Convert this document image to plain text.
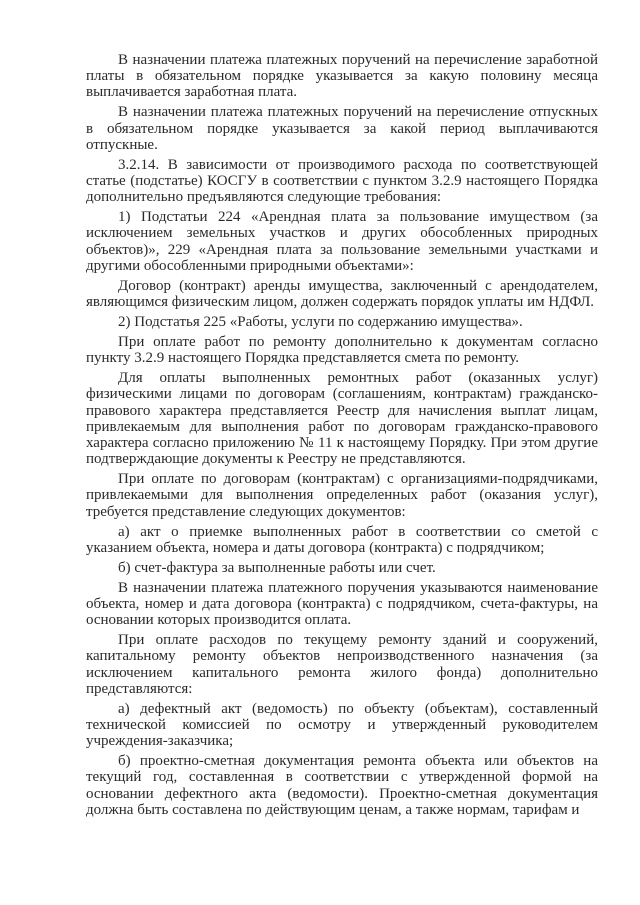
В назначении платежа платежных поручений на перечисление заработной платы в обязательном порядке указывается за какую половину месяца выплачивается заработная плата.

В назначении платежа платежных поручений на перечисление отпускных в обязательном порядке указывается за какой период выплачиваются отпускные.

3.2.14. В зависимости от производимого расхода по соответствующей статье (подстатье) КОСГУ в соответствии с пунктом 3.2.9 настоящего Порядка дополнительно предъявляются следующие требования:

1) Подстатьи 224 «Арендная плата за пользование имуществом (за исключением земельных участков и других обособленных природных объектов)», 229 «Арендная плата за пользование земельными участками и другими обособленными природными объектами»:

Договор (контракт) аренды имущества, заключенный с арендодателем, являющимся физическим лицом, должен содержать порядок уплаты им НДФЛ.

2) Подстатья 225 «Работы, услуги по содержанию имущества».

При оплате работ по ремонту дополнительно к документам согласно пункту 3.2.9 настоящего Порядка представляется смета по ремонту.

Для оплаты выполненных ремонтных работ (оказанных услуг) физическими лицами по договорам (соглашениям, контрактам) гражданско-правового характера представляется Реестр для начисления выплат лицам, привлекаемым для выполнения работ по договорам гражданско-правового характера согласно приложению № 11 к настоящему Порядку. При этом другие подтверждающие документы к Реестру не представляются.

При оплате по договорам (контрактам) с организациями-подрядчиками, привлекаемыми для выполнения определенных работ (оказания услуг), требуется представление следующих документов:

а) акт о приемке выполненных работ в соответствии со сметой с указанием объекта, номера и даты договора (контракта) с подрядчиком;

б) счет-фактура за выполненные работы или счет.

В назначении платежа платежного поручения указываются наименование объекта, номер и дата договора (контракта) с подрядчиком, счета-фактуры, на основании которых производится оплата.

При оплате расходов по текущему ремонту зданий и сооружений, капитальному ремонту объектов непроизводственного назначения (за исключением капитального ремонта жилого фонда) дополнительно представляются:

а) дефектный акт (ведомость) по объекту (объектам), составленный технической комиссией по осмотру и утвержденный руководителем учреждения-заказчика;

б) проектно-сметная документация ремонта объекта или объектов на текущий год, составленная в соответствии с утвержденной формой на основании дефектного акта (ведомости). Проектно-сметная документация должна быть составлена по действующим ценам, а также нормам, тарифам и
